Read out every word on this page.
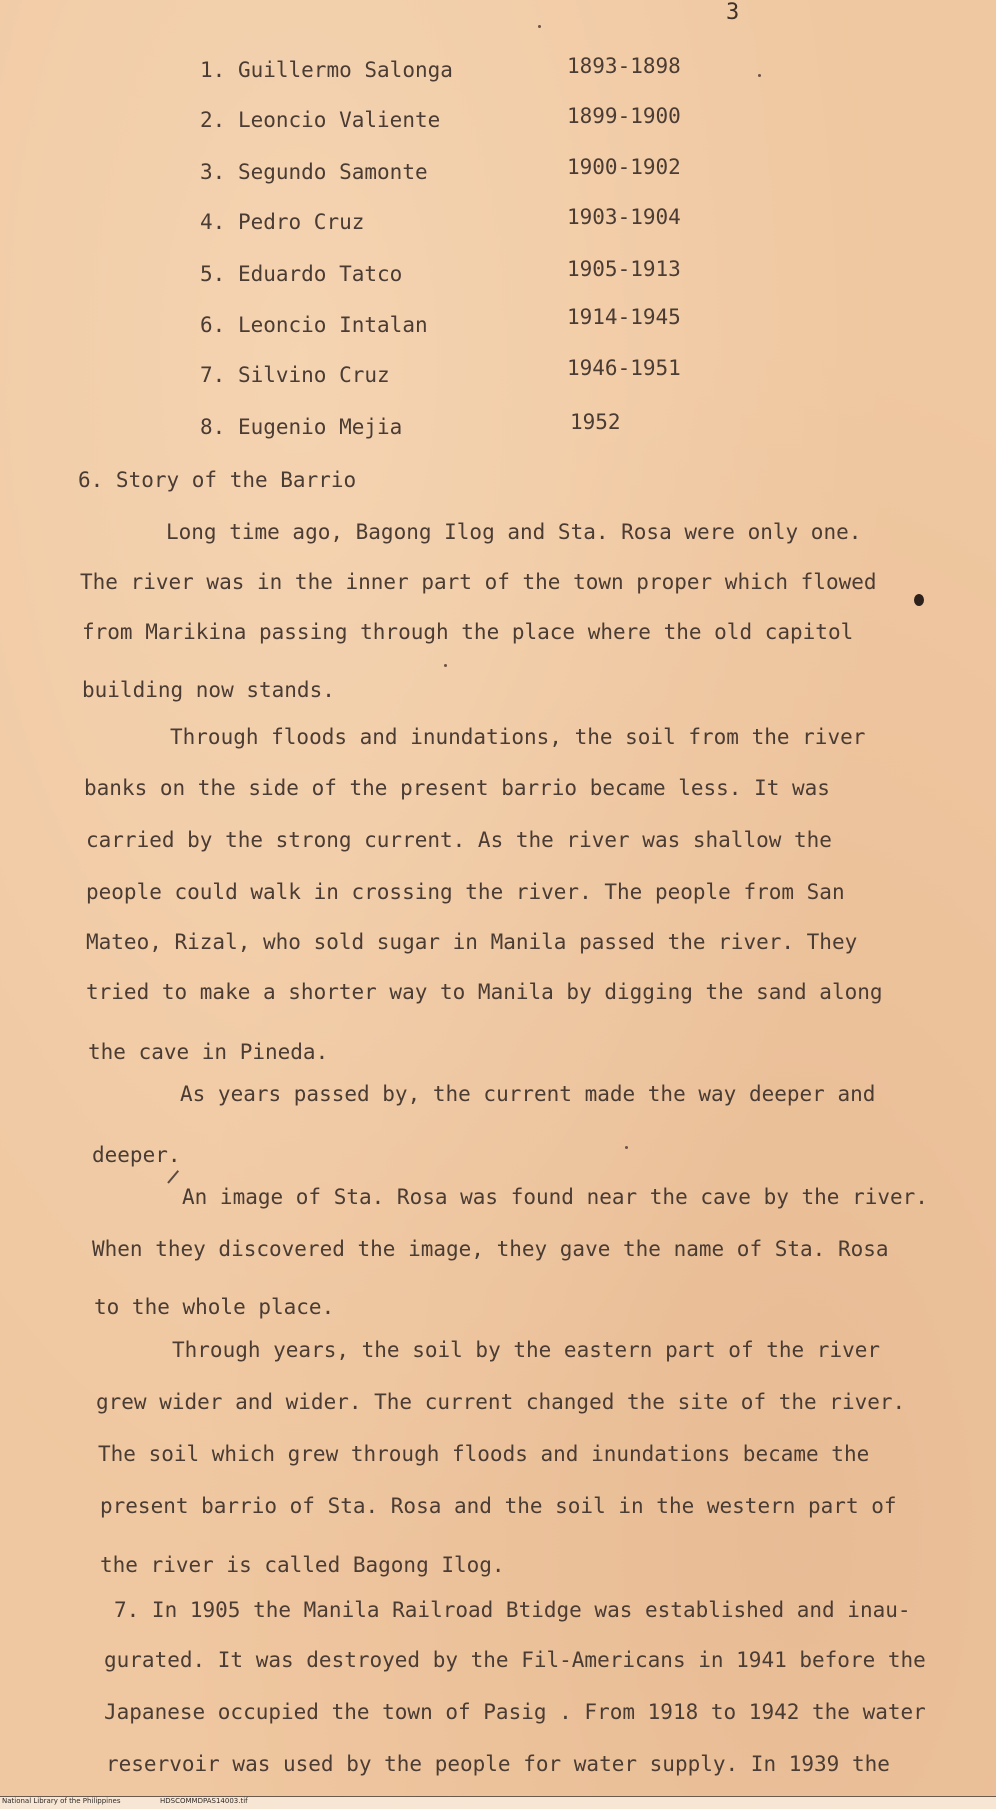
3
1. Guillermo Salonga	1893-1898
2. Leoncio Valiente	1899-1900
3. Segundo Samonte	1900-1902
4. Pedro Cruz	1903-1904
5. Eduardo Tatco	1905-1913
6. Leoncio Intalan	1914-1945
7. Silvino Cruz	1946-1951
8. Eugenio Mejia	1952
6. Story of the Barrio
Long time ago, Bagong Ilog and Sta. Rosa were only one.
The river was in the inner part of the town proper which flowed
from Marikina passing through the place where the old capitol
building now stands.
Through floods and inundations, the soil from the river
banks on the side of the present barrio became less. It was
carried by the strong current. As the river was shallow the
people could walk in crossing the river. The people from San
Mateo, Rizal, who sold sugar in Manila passed the river. They
tried to make a shorter way to Manila by digging the sand along
the cave in Pineda.
As years passed by, the current made the way deeper and
deeper.
An image of Sta. Rosa was found near the cave by the river.
When they discovered the image, they gave the name of Sta. Rosa
to the whole place.
Through years, the soil by the eastern part of the river
grew wider and wider. The current changed the site of the river.
The soil which grew through floods and inundations became the
present barrio of Sta. Rosa and the soil in the western part of
the river is called Bagong Ilog.
7. In 1905 the Manila Railroad Btidge was established and inau-
gurated. It was destroyed by the Fil-Americans in 1941 before the
Japanese occupied the town of Pasig . From 1918 to 1942 the water
reservoir was used by the people for water supply. In 1939 the
National Library of the Philippines	HDSCOMMDPAS14003.tif
